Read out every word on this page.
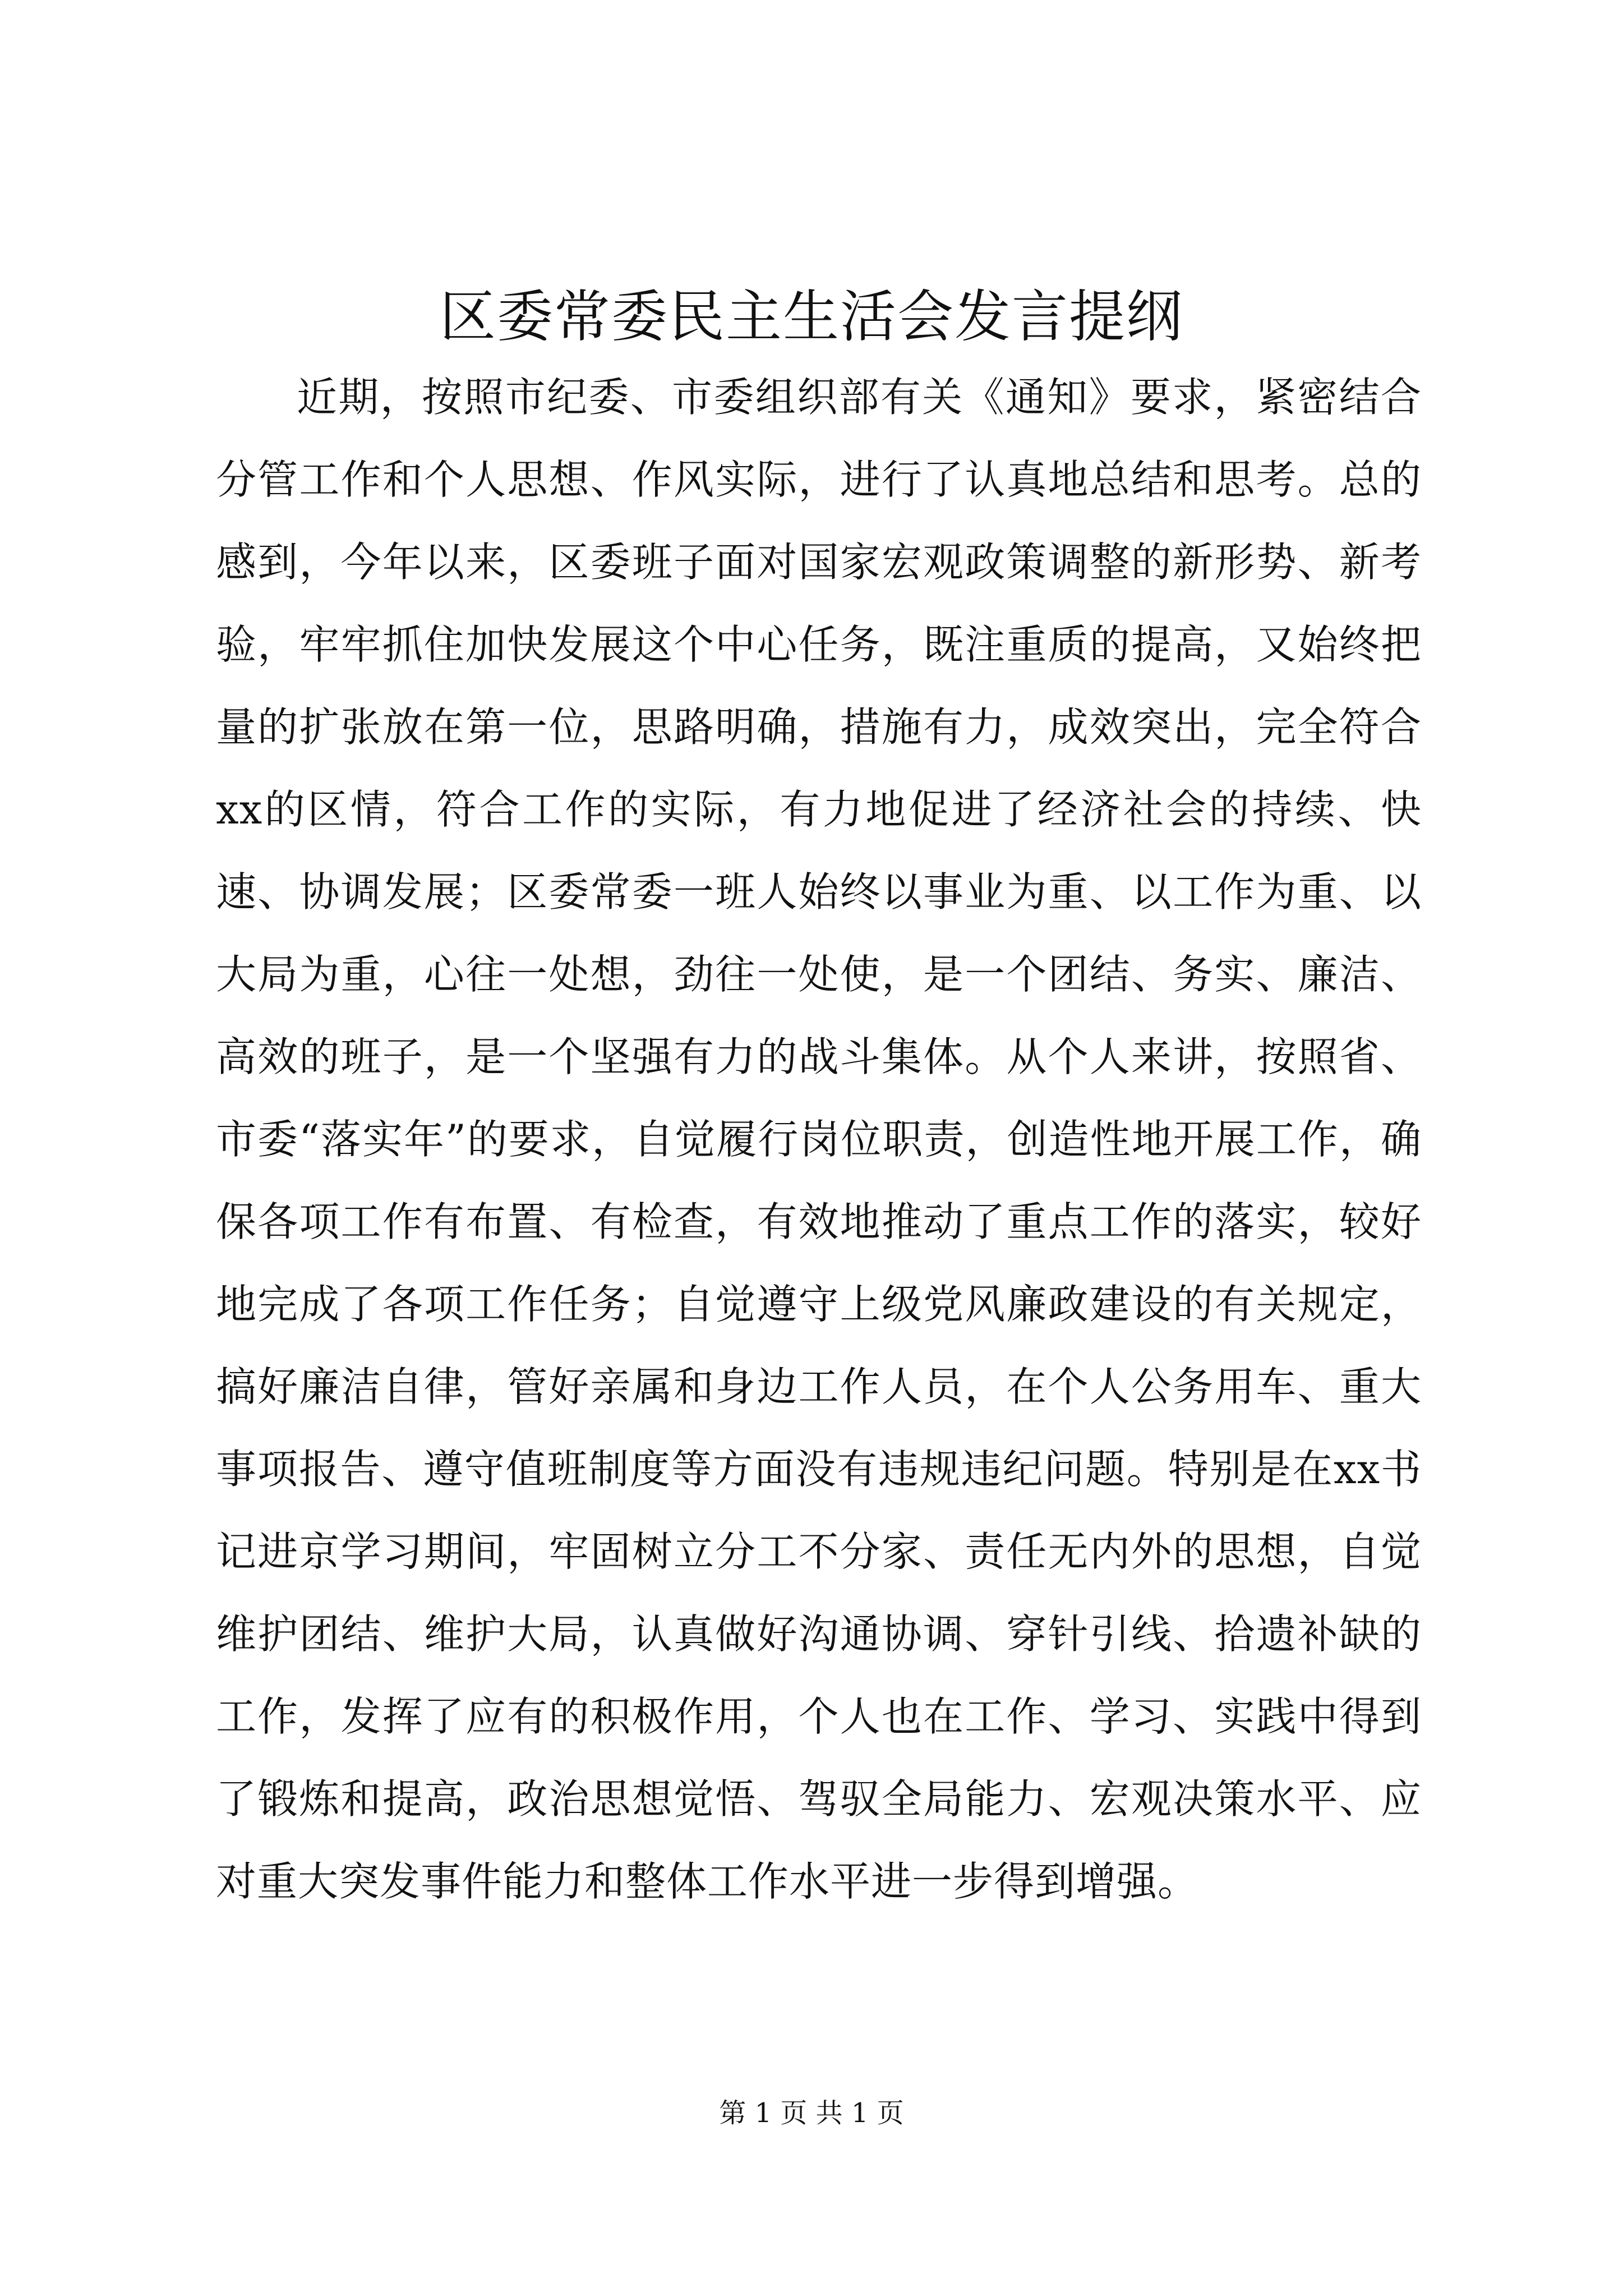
区委常委民主生活会发言提纲

近期，按照市纪委、市委组织部有关《通知》要求，紧密结合分管工作和个人思想、作风实际，进行了认真地总结和思考。总的感到，今年以来，区委班子面对国家宏观政策调整的新形势、新考验，牢牢抓住加快发展这个中心任务，既注重质的提高，又始终把量的扩张放在第一位，思路明确，措施有力，成效突出，完全符合xx的区情，符合工作的实际，有力地促进了经济社会的持续、快速、协调发展；区委常委一班人始终以事业为重、以工作为重、以大局为重，心往一处想，劲往一处使，是一个团结、务实、廉洁、高效的班子，是一个坚强有力的战斗集体。从个人来讲，按照省、市委“落实年”的要求，自觉履行岗位职责，创造性地开展工作，确保各项工作有布置、有检查，有效地推动了重点工作的落实，较好地完成了各项工作任务；自觉遵守上级党风廉政建设的有关规定，搞好廉洁自律，管好亲属和身边工作人员，在个人公务用车、重大事项报告、遵守值班制度等方面没有违规违纪问题。特别是在xx书记进京学习期间，牢固树立分工不分家、责任无内外的思想，自觉维护团结、维护大局，认真做好沟通协调、穿针引线、拾遗补缺的工作，发挥了应有的积极作用，个人也在工作、学习、实践中得到了锻炼和提高，政治思想觉悟、驾驭全局能力、宏观决策水平、应对重大突发事件能力和整体工作水平进一步得到增强。

第 1 页 共 1 页
